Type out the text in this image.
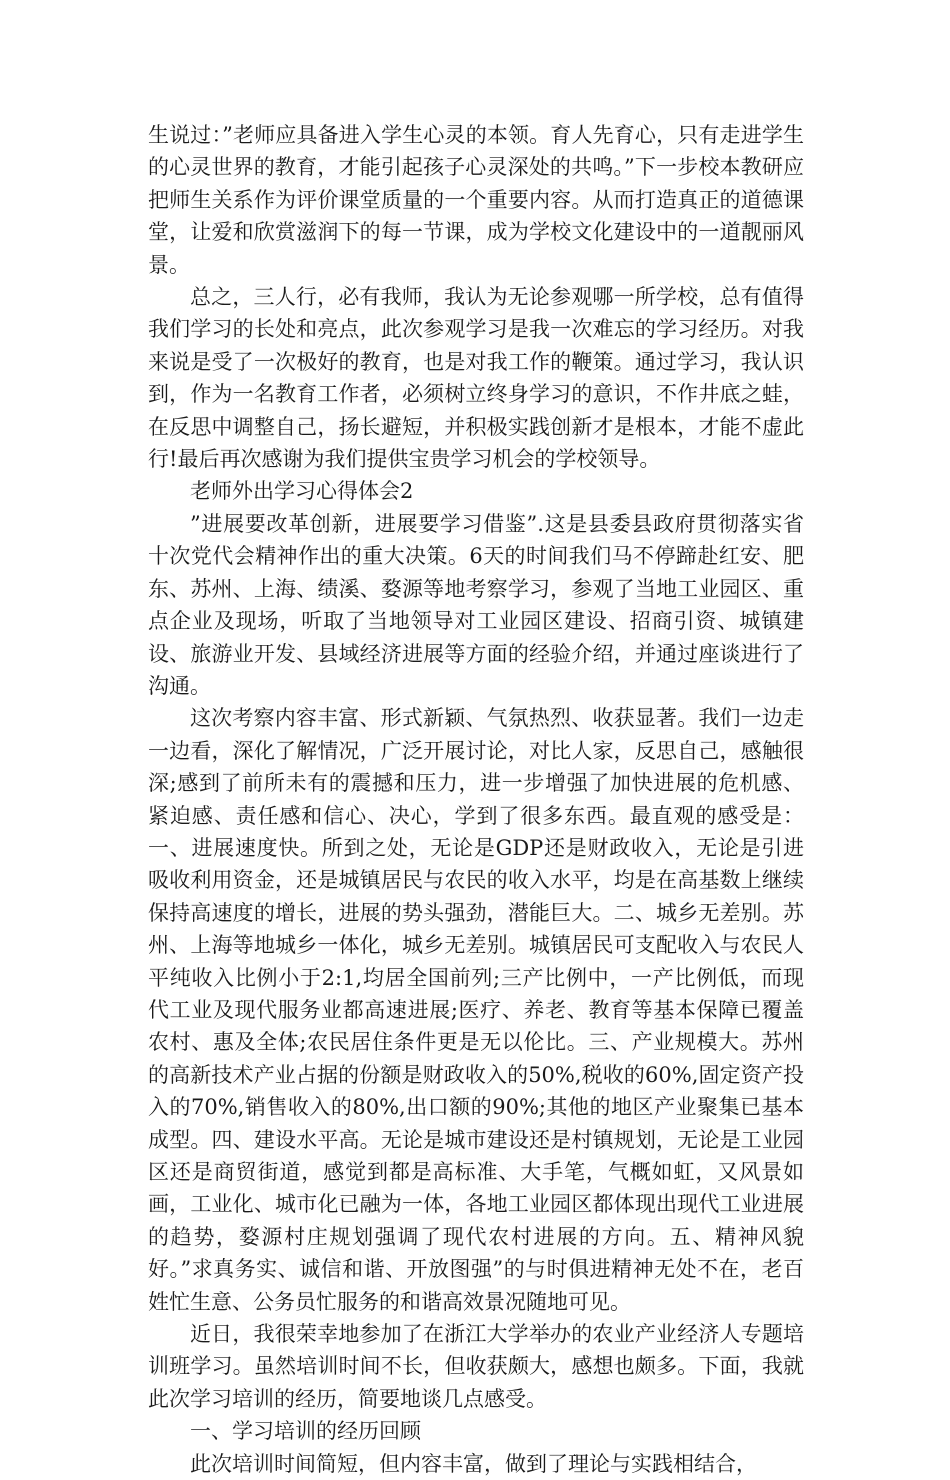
生说过：”老师应具备进入学生心灵的本领。育人先育心，只有走进学生的心灵世界的教育，才能引起孩子心灵深处的共鸣。”下一步校本教研应把师生关系作为评价课堂质量的一个重要内容。从而打造真正的道德课堂，让爱和欣赏滋润下的每一节课，成为学校文化建设中的一道靓丽风景。

总之，三人行，必有我师，我认为无论参观哪一所学校，总有值得我们学习的长处和亮点，此次参观学习是我一次难忘的学习经历。对我来说是受了一次极好的教育，也是对我工作的鞭策。通过学习，我认识到，作为一名教育工作者，必须树立终身学习的意识，不作井底之蛙，在反思中调整自己，扬长避短，并积极实践创新才是根本，才能不虚此行!最后再次感谢为我们提供宝贵学习机会的学校领导。

老师外出学习心得体会2

”进展要改革创新，进展要学习借鉴”.这是县委县政府贯彻落实省十次党代会精神作出的重大决策。6天的时间我们马不停蹄赴红安、肥东、苏州、上海、绩溪、婺源等地考察学习，参观了当地工业园区、重点企业及现场，听取了当地领导对工业园区建设、招商引资、城镇建设、旅游业开发、县域经济进展等方面的经验介绍，并通过座谈进行了沟通。

这次考察内容丰富、形式新颖、气氛热烈、收获显著。我们一边走一边看，深化了解情况，广泛开展讨论，对比人家，反思自己，感触很深;感到了前所未有的震撼和压力，进一步增强了加快进展的危机感、紧迫感、责任感和信心、决心，学到了很多东西。最直观的感受是：一、进展速度快。所到之处，无论是GDP还是财政收入，无论是引进吸收利用资金，还是城镇居民与农民的收入水平，均是在高基数上继续保持高速度的增长，进展的势头强劲，潜能巨大。二、城乡无差别。苏州、上海等地城乡一体化，城乡无差别。城镇居民可支配收入与农民人平纯收入比例小于2:1,均居全国前列;三产比例中，一产比例低，而现代工业及现代服务业都高速进展;医疗、养老、教育等基本保障已覆盖农村、惠及全体;农民居住条件更是无以伦比。三、产业规模大。苏州的高新技术产业占据的份额是财政收入的50%,税收的60%,固定资产投入的70%,销售收入的80%,出口额的90%;其他的地区产业聚集已基本成型。四、建设水平高。无论是城市建设还是村镇规划，无论是工业园区还是商贸街道，感觉到都是高标准、大手笔，气概如虹，又风景如画，工业化、城市化已融为一体，各地工业园区都体现出现代工业进展的趋势，婺源村庄规划强调了现代农村进展的方向。五、精神风貌好。”求真务实、诚信和谐、开放图强”的与时俱进精神无处不在，老百姓忙生意、公务员忙服务的和谐高效景况随地可见。

近日，我很荣幸地参加了在浙江大学举办的农业产业经济人专题培训班学习。虽然培训时间不长，但收获颇大，感想也颇多。下面，我就此次学习培训的经历，简要地谈几点感受。

一、学习培训的经历回顾

此次培训时间简短，但内容丰富，做到了理论与实践相结合，
